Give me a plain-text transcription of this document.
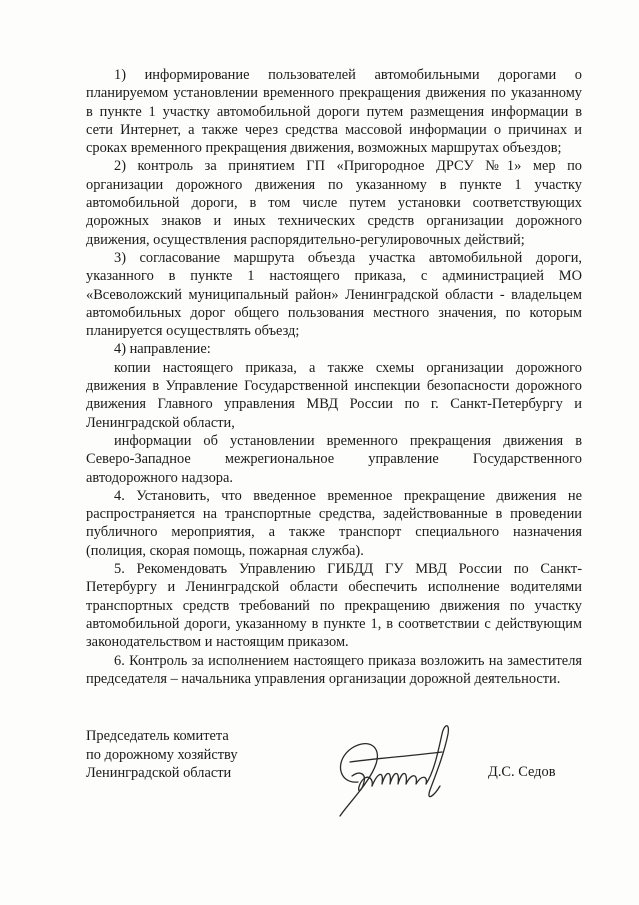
1) информирование пользователей автомобильными дорогами о планируемом установлении временного прекращения движения по указанному в пункте 1 участку автомобильной дороги путем размещения информации в сети Интернет, а также через средства массовой информации о причинах и сроках временного прекращения движения, возможных маршрутах объездов;

2) контроль за принятием ГП «Пригородное ДРСУ №1» мер по организации дорожного движения по указанному в пункте 1 участку автомобильной дороги, в том числе путем установки соответствующих дорожных знаков и иных технических средств организации дорожного движения, осуществления распорядительно-регулировочных действий;

3) согласование маршрута объезда участка автомобильной дороги, указанного в пункте 1 настоящего приказа, с администрацией МО «Всеволожский муниципальный район» Ленинградской области - владельцем автомобильных дорог общего пользования местного значения, по которым планируется осуществлять объезд;

4) направление:

копии настоящего приказа, а также схемы организации дорожного движения в Управление Государственной инспекции безопасности дорожного движения Главного управления МВД России по г. Санкт-Петербургу и Ленинградской области,

информации об установлении временного прекращения движения в Северо-Западное межрегиональное управление Государственного автодорожного надзора.

4. Установить, что введенное временное прекращение движения не распространяется на транспортные средства, задействованные в проведении публичного мероприятия, а также транспорт специального назначения (полиция, скорая помощь, пожарная служба).

5. Рекомендовать Управлению ГИБДД ГУ МВД России по Санкт-Петербургу и Ленинградской области обеспечить исполнение водителями транспортных средств требований по прекращению движения по участку автомобильной дороги, указанному в пункте 1, в соответствии с действующим законодательством и настоящим приказом.

6. Контроль за исполнением настоящего приказа возложить на заместителя председателя – начальника управления организации дорожной деятельности.

Председатель комитета
по дорожному хозяйству
Ленинградской области	Д.С. Седов
